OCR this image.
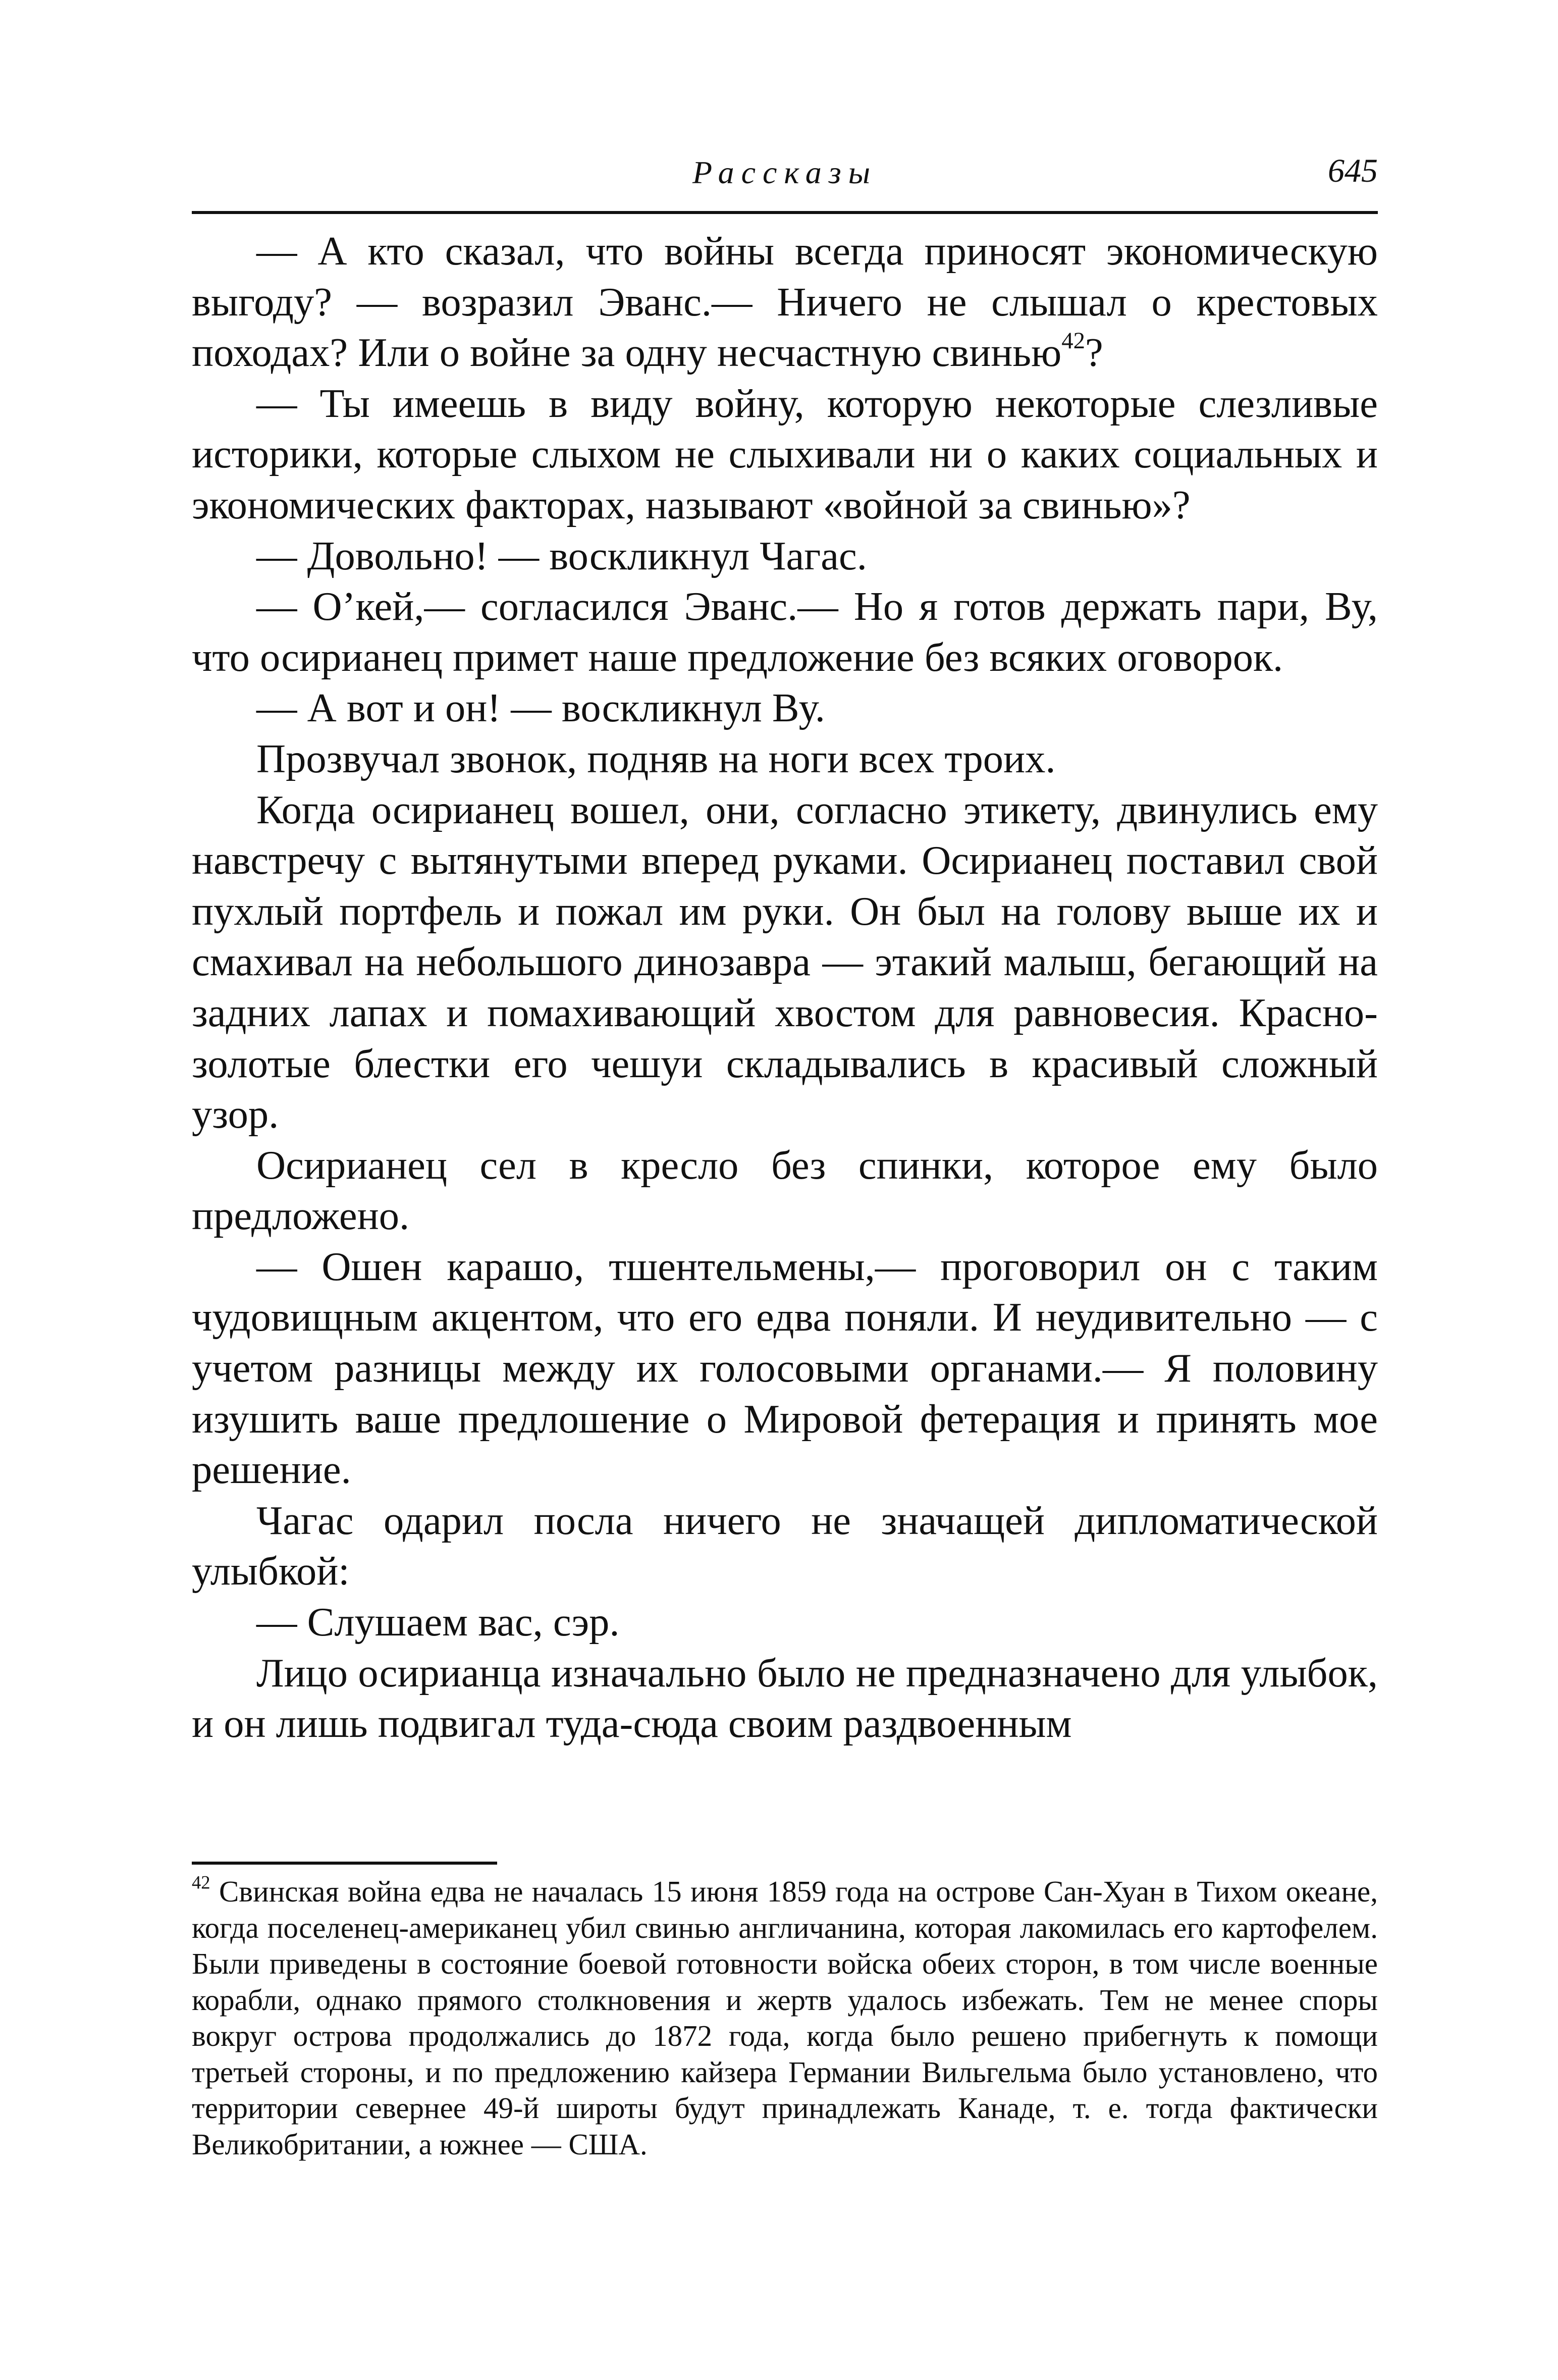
Рассказы	645

— А кто сказал, что войны всегда приносят экономическую выгоду? — возразил Эванс.— Ничего не слышал о крестовых походах? Или о войне за одну несчастную свинью$^{42}$?

— Ты имеешь в виду войну, которую некоторые слезливые историки, которые слыхом не слыхивали ни о каких социальных и экономических факторах, называют «войной за свинью»?

— Довольно! — воскликнул Чагас.

— О’кей,— согласился Эванс.— Но я готов держать пари, Ву, что осирианец примет наше предложение без всяких оговорок.

— А вот и он! — воскликнул Ву.

Прозвучал звонок, подняв на ноги всех троих.

Когда осирианец вошел, они, согласно этикету, двинулись ему навстречу с вытянутыми вперед руками. Осирианец поставил свой пухлый портфель и пожал им руки. Он был на голову выше их и смахивал на небольшого динозавра — этакий малыш, бегающий на задних лапах и помахивающий хвостом для равновесия. Красно-золотые блестки его чешуи складывались в красивый сложный узор.

Осирианец сел в кресло без спинки, которое ему было предложено.

— Ошен карашо, тшентельмены,— проговорил он с таким чудовищным акцентом, что его едва поняли. И неудивительно — с учетом разницы между их голосовыми органами.— Я половину изушить ваше предлошение о Мировой фетерация и принять мое решение.

Чагас одарил посла ничего не значащей дипломатической улыбкой:

— Слушаем вас, сэр.

Лицо осирианца изначально было не предназначено для улыбок, и он лишь подвигал туда-сюда своим раздвоенным

$^{42}$ Свинская война едва не началась 15 июня 1859 года на острове Сан-Хуан в Тихом океане, когда поселенец-американец убил свинью англичанина, которая лакомилась его картофелем. Были приведены в состояние боевой готовности войска обеих сторон, в том числе военные корабли, однако прямого столкновения и жертв удалось избежать. Тем не менее споры вокруг острова продолжались до 1872 года, когда было решено прибегнуть к помощи третьей стороны, и по предложению кайзера Германии Вильгельма было установлено, что территории севернее 49-й широты будут принадлежать Канаде, т. е. тогда фактически Великобритании, а южнее — США.
